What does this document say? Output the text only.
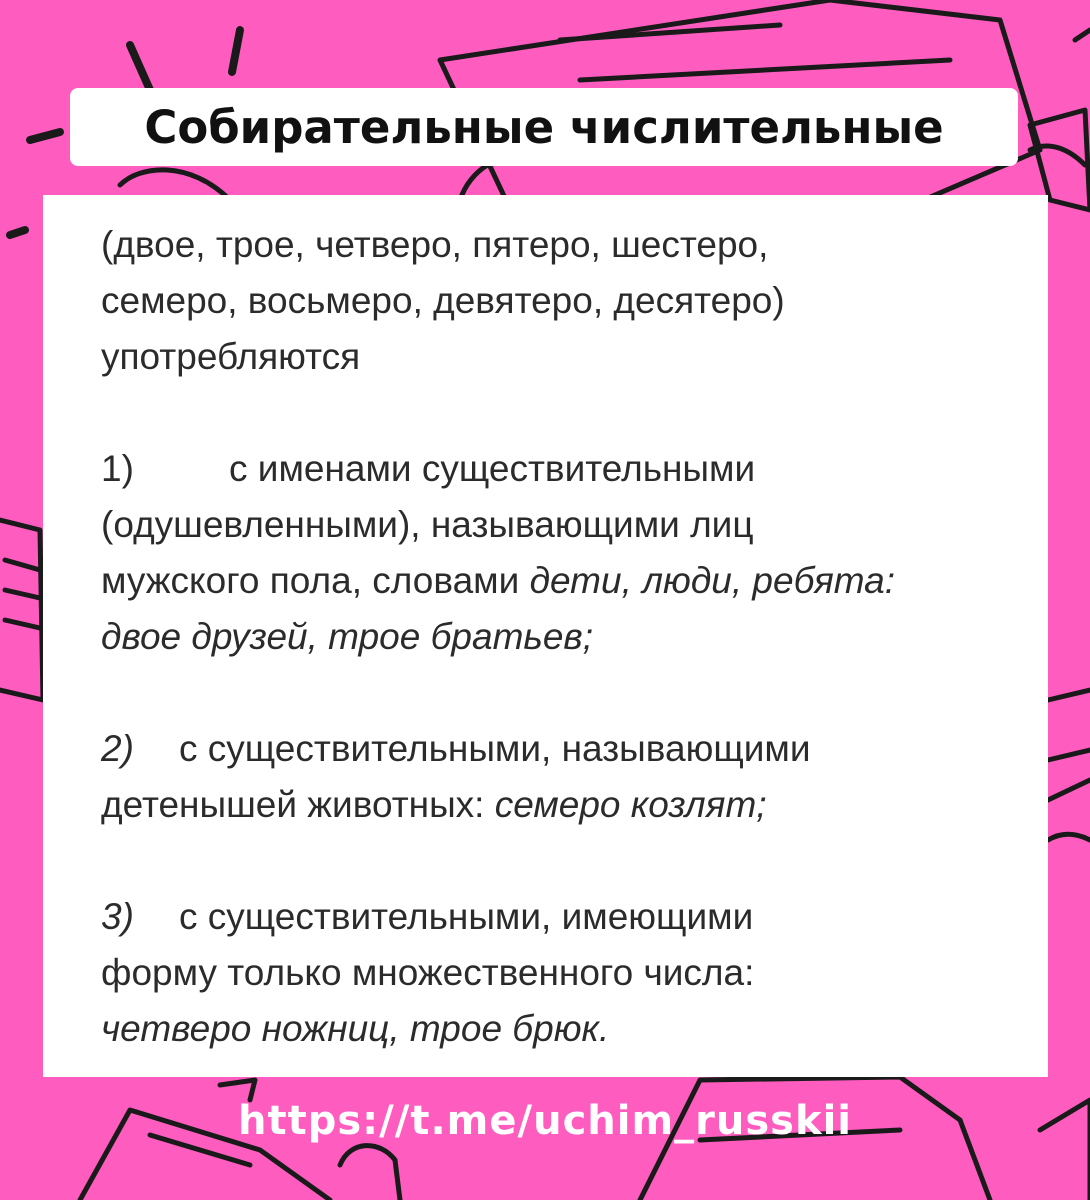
Собирательные числительные
(двое, трое, четверо, пятеро, шестеро,
семеро, восьмеро, девятеро, десятеро)
употребляются
1)	с именами существительными
(одушевленными), называющими лиц
мужского пола, словами дети, люди, ребята:
двое друзей, трое братьев;
2) с существительными, называющими
детенышей животных: семеро козлят;
3) с существительными, имеющими
форму только множественного числа:
четверо ножниц, трое брюк.
https://t.me/uchim_russkii
